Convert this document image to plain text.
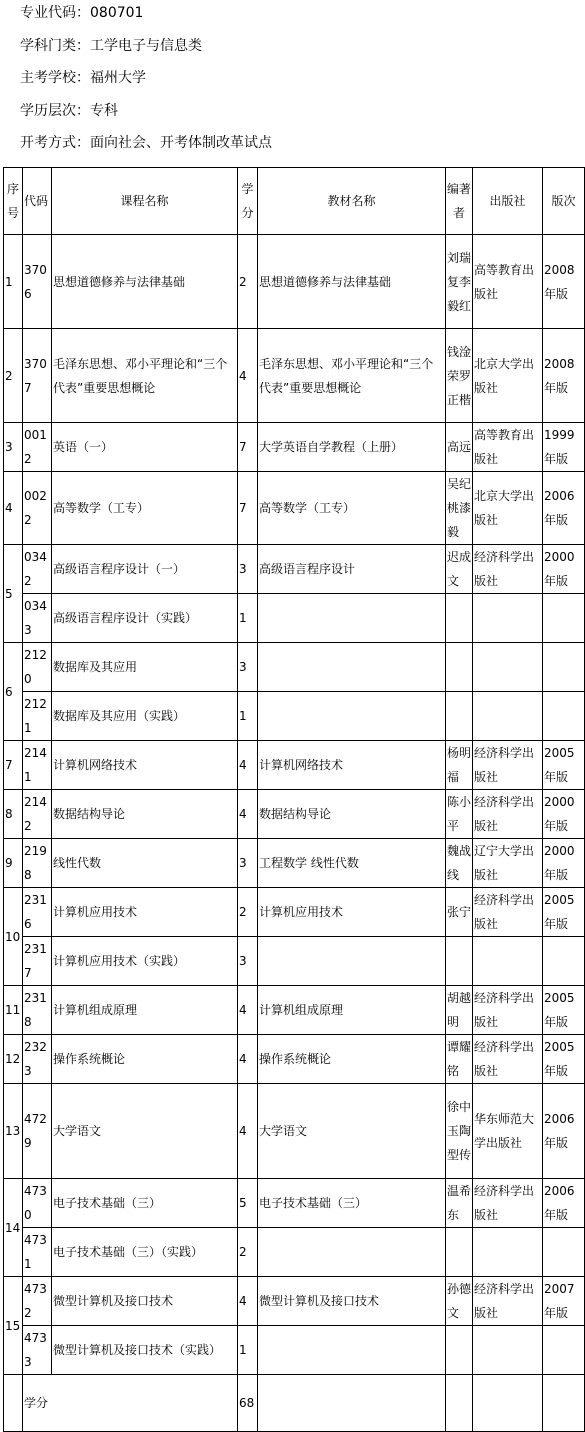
专业代码：080701
学科门类：工学电子与信息类
主考学校：福州大学
学历层次：专科
开考方式：面向社会、开考体制改革试点
序号	代码	课程名称	学分	教材名称	编著者	出版社	版次
1	3706	思想道德修养与法律基础	2	思想道德修养与法律基础	刘瑞复李毅红	高等教育出版社	2008年版
2	3707	毛泽东思想、邓小平理论和“三个代表”重要思想概论	4	毛泽东思想、邓小平理论和“三个代表”重要思想概论	钱淦荣罗正楷	北京大学出版社	2008年版
3	0012	英语（一）	7	大学英语自学教程（上册）	高远	高等教育出版社	1999年版
4	0022	高等数学（工专）	7	高等数学（工专）	吴纪桃漆毅	北京大学出版社	2006年版
5	0342	高级语言程序设计（一）	3	高级语言程序设计	迟成文	经济科学出版社	2000年版
	0343	高级语言程序设计（实践）	1				
6	2120	数据库及其应用	3				
	2121	数据库及其应用（实践）	1				
7	2141	计算机网络技术	4	计算机网络技术	杨明福	经济科学出版社	2005年版
8	2142	数据结构导论	4	数据结构导论	陈小平	经济科学出版社	2000年版
9	2198	线性代数	3	工程数学 线性代数	魏战线	辽宁大学出版社	2000年版
10	2316	计算机应用技术	2	计算机应用技术	张宁	经济科学出版社	2005年版
	2317	计算机应用技术（实践）	3				
11	2318	计算机组成原理	4	计算机组成原理	胡越明	经济科学出版社	2005年版
12	2323	操作系统概论	4	操作系统概论	谭耀铭	经济科学出版社	2005年版
13	4729	大学语文	4	大学语文	徐中玉陶型传	华东师范大学出版社	2006年版
14	4730	电子技术基础（三）	5	电子技术基础（三）	温希东	经济科学出版社	2006年版
	4731	电子技术基础（三）（实践）	2				
15	4732	微型计算机及接口技术	4	微型计算机及接口技术	孙德文	经济科学出版社	2007年版
	4733	微型计算机及接口技术（实践）	1				
	学分		68				
